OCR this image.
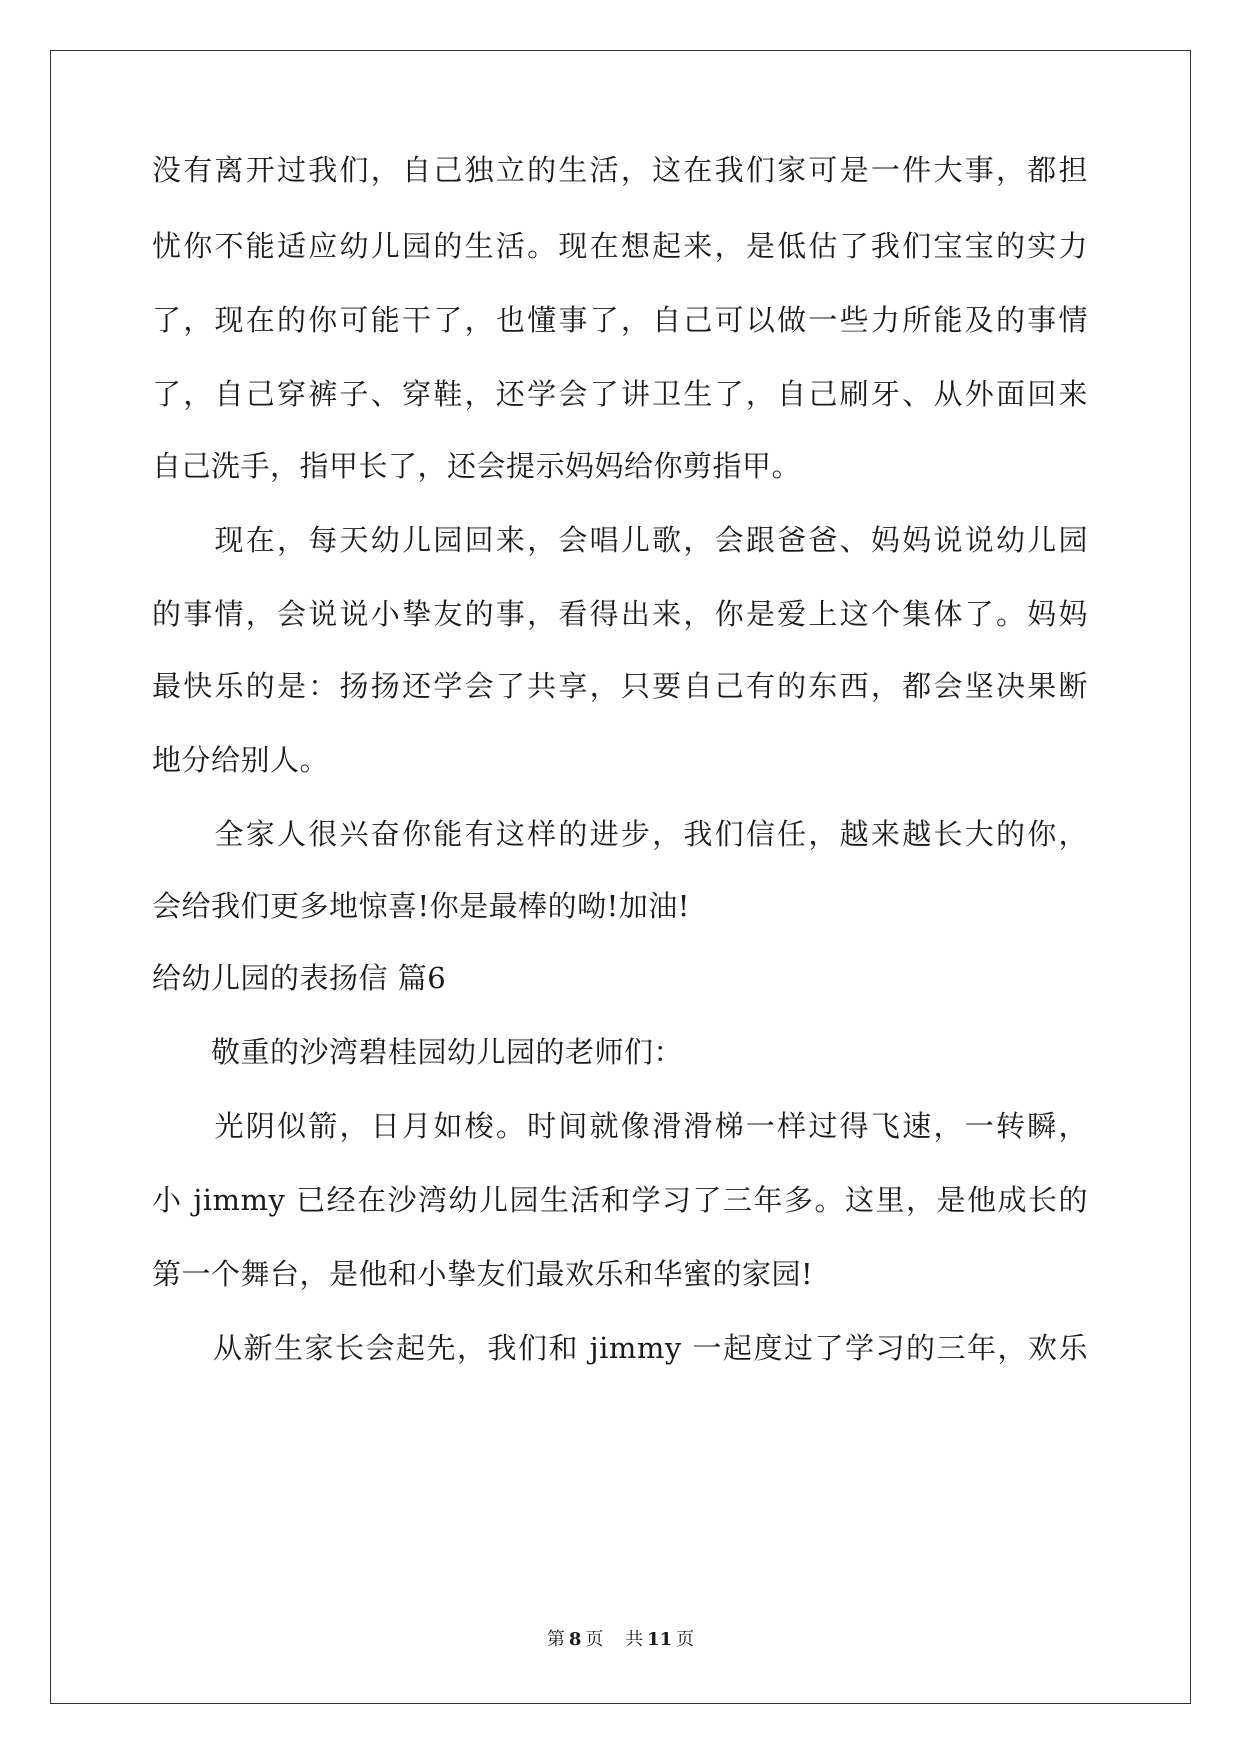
没有离开过我们，自己独立的生活，这在我们家可是一件大事，都担
忧你不能适应幼儿园的生活。现在想起来，是低估了我们宝宝的实力
了，现在的你可能干了，也懂事了，自己可以做一些力所能及的事情
了，自己穿裤子、穿鞋，还学会了讲卫生了，自己刷牙、从外面回来
自己洗手，指甲长了，还会提示妈妈给你剪指甲。
　　现在，每天幼儿园回来，会唱儿歌，会跟爸爸、妈妈说说幼儿园
的事情，会说说小挚友的事，看得出来，你是爱上这个集体了。妈妈
最快乐的是：扬扬还学会了共享，只要自己有的东西，都会坚决果断
地分给别人。
　　全家人很兴奋你能有这样的进步，我们信任，越来越长大的你，
会给我们更多地惊喜!你是最棒的呦!加油!
给幼儿园的表扬信 篇6
　　敬重的沙湾碧桂园幼儿园的老师们：
　　光阴似箭，日月如梭。时间就像滑滑梯一样过得飞速，一转瞬，
小 jimmy 已经在沙湾幼儿园生活和学习了三年多。这里，是他成长的
第一个舞台，是他和小挚友们最欢乐和华蜜的家园!
　　从新生家长会起先，我们和 jimmy 一起度过了学习的三年，欢乐
第 8 页 共 11 页
